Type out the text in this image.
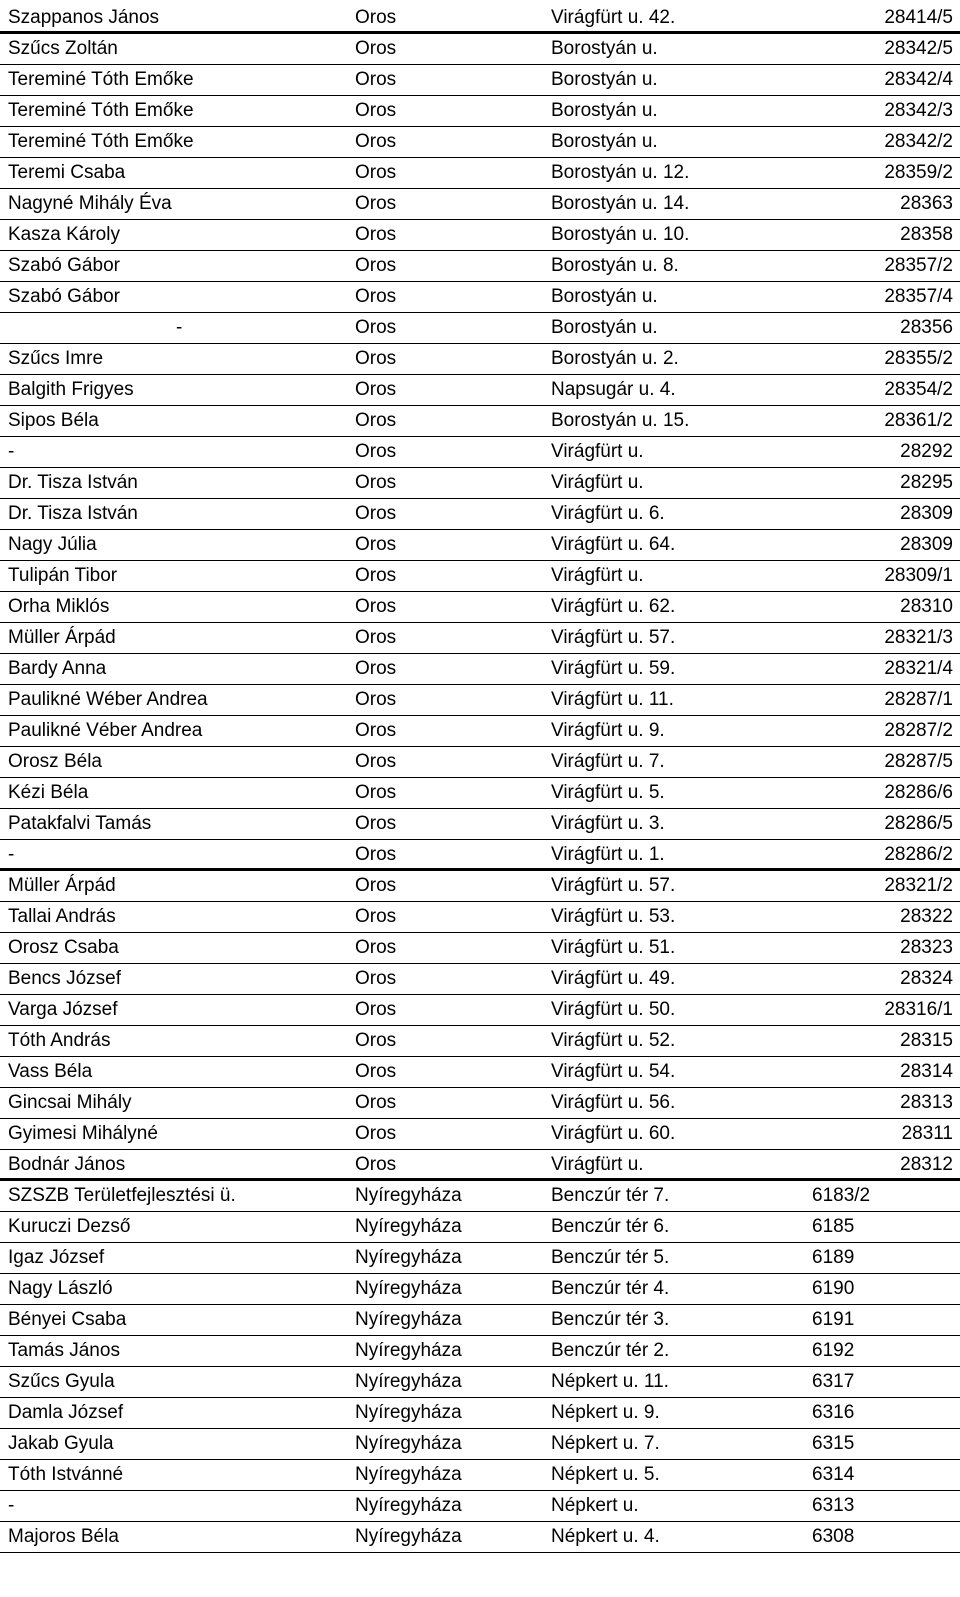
Szappanos János	Oros	Virágfürt u. 42.	28414/5
Szűcs Zoltán	Oros	Borostyán u.	28342/5
Tereminé Tóth Emőke	Oros	Borostyán u.	28342/4
Tereminé Tóth Emőke	Oros	Borostyán u.	28342/3
Tereminé Tóth Emőke	Oros	Borostyán u.	28342/2
Teremi Csaba	Oros	Borostyán u. 12.	28359/2
Nagyné Mihály Éva	Oros	Borostyán u. 14.	28363
Kasza Károly	Oros	Borostyán u. 10.	28358
Szabó Gábor	Oros	Borostyán u. 8.	28357/2
Szabó Gábor	Oros	Borostyán u.	28357/4
-	Oros	Borostyán u.	28356
Szűcs Imre	Oros	Borostyán u. 2.	28355/2
Balgith Frigyes	Oros	Napsugár u. 4.	28354/2
Sipos Béla	Oros	Borostyán u. 15.	28361/2
-	Oros	Virágfürt u.	28292
Dr. Tisza István	Oros	Virágfürt u.	28295
Dr. Tisza István	Oros	Virágfürt u. 6.	28309
Nagy Júlia	Oros	Virágfürt u. 64.	28309
Tulipán Tibor	Oros	Virágfürt u.	28309/1
Orha Miklós	Oros	Virágfürt u. 62.	28310
Müller Árpád	Oros	Virágfürt u. 57.	28321/3
Bardy Anna	Oros	Virágfürt u. 59.	28321/4
Paulikné Wéber Andrea	Oros	Virágfürt u. 11.	28287/1
Paulikné Véber Andrea	Oros	Virágfürt u. 9.	28287/2
Orosz Béla	Oros	Virágfürt u. 7.	28287/5
Kézi Béla	Oros	Virágfürt u. 5.	28286/6
Patakfalvi Tamás	Oros	Virágfürt u. 3.	28286/5
-	Oros	Virágfürt u. 1.	28286/2
Müller Árpád	Oros	Virágfürt u. 57.	28321/2
Tallai András	Oros	Virágfürt u. 53.	28322
Orosz Csaba	Oros	Virágfürt u. 51.	28323
Bencs József	Oros	Virágfürt u. 49.	28324
Varga József	Oros	Virágfürt u. 50.	28316/1
Tóth András	Oros	Virágfürt u. 52.	28315
Vass Béla	Oros	Virágfürt u. 54.	28314
Gincsai Mihály	Oros	Virágfürt u. 56.	28313
Gyimesi Mihályné	Oros	Virágfürt u. 60.	28311
Bodnár János	Oros	Virágfürt u.	28312
SZSZB Területfejlesztési ü.	Nyíregyháza	Benczúr tér 7.	6183/2
Kuruczi Dezső	Nyíregyháza	Benczúr tér 6.	6185
Igaz József	Nyíregyháza	Benczúr tér 5.	6189
Nagy László	Nyíregyháza	Benczúr tér 4.	6190
Bényei Csaba	Nyíregyháza	Benczúr tér 3.	6191
Tamás János	Nyíregyháza	Benczúr tér 2.	6192
Szűcs Gyula	Nyíregyháza	Népkert u. 11.	6317
Damla József	Nyíregyháza	Népkert u. 9.	6316
Jakab Gyula	Nyíregyháza	Népkert u. 7.	6315
Tóth Istvánné	Nyíregyháza	Népkert u. 5.	6314
-	Nyíregyháza	Népkert u.	6313
Majoros Béla	Nyíregyháza	Népkert u. 4.	6308
